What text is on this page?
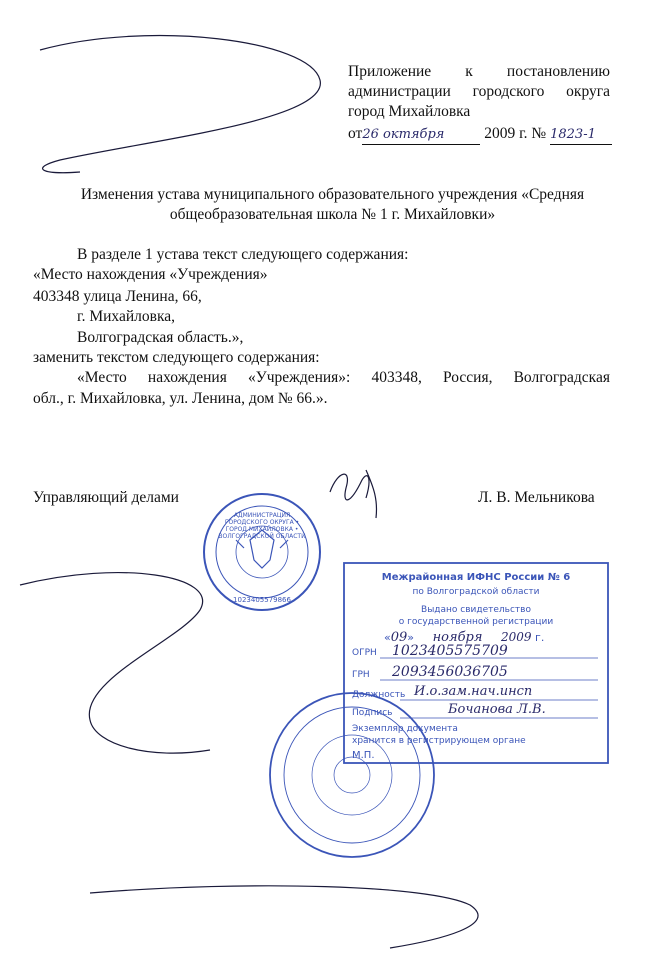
Приложение к постановлению
администрации городского округа
город Михайловка
от26 октября	2009 г. № 1823-1
Изменения устава муниципального образовательного учреждения «Средняя
общеобразовательная школа № 1 г. Михайловки»
В разделе 1 устава текст следующего содержания:
«Место нахождения «Учреждения»
403348 улица Ленина, 66,
г. Михайловка,
Волгоградская область.»,
заменить текстом следующего содержания:
«Место нахождения «Учреждения»: 403348, Россия, Волгоградская
обл., г. Михайловка, ул. Ленина, дом № 66.».
Управляющий делами	Л. В. Мельникова
АДМИНИСТРАЦИЯ ГОРОДСКОГО ОКРУГА • ГОРОД МИХАЙЛОВКА • ВОЛГОГРАДСКОЙ ОБЛАСТИ
1023405579866
Межрайонная ИФНС России № 6
по Волгоградской области
Выдано свидетельство
о государственной регистрации
«09» ноября 2009 г.
ОГРН 1023405575709
ГРН 2093456036705
Должность И.о.зам.нач.инсп
Подпись	Бочанова Л.В.
Экземпляр документа
хранится в регистрирующем органе
М.П.
